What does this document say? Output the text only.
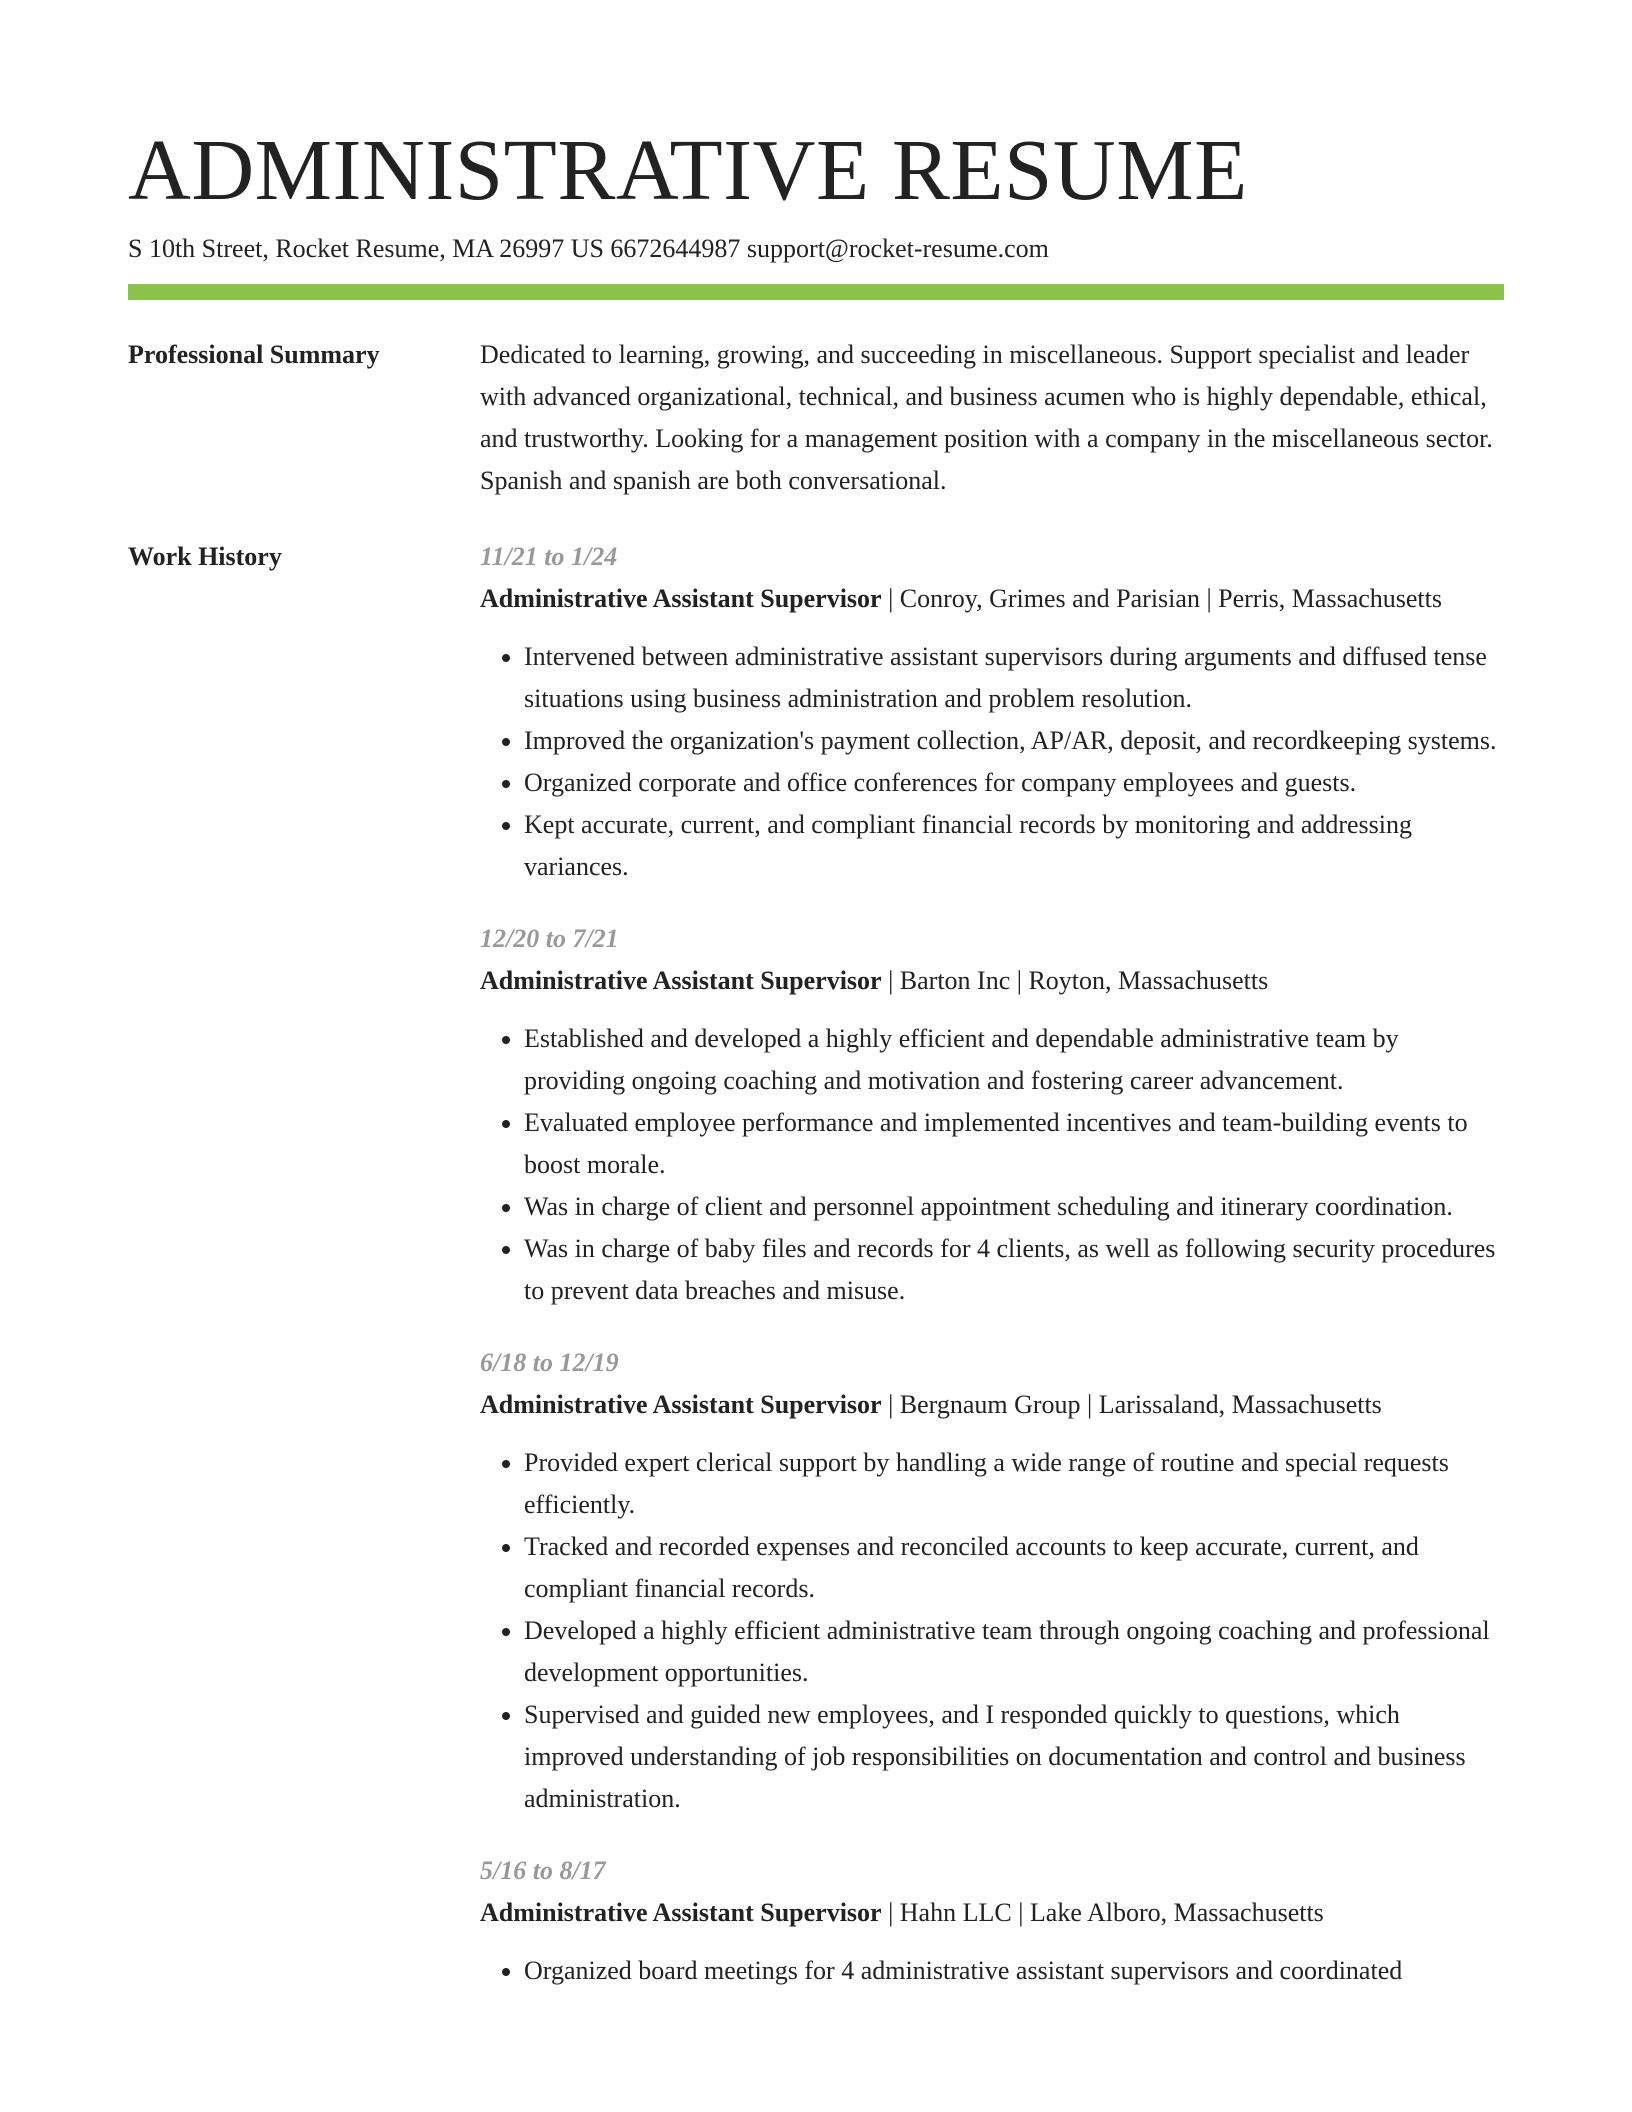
ADMINISTRATIVE RESUME
S 10th Street, Rocket Resume, MA 26997 US 6672644987 support@rocket-resume.com
Professional Summary	Dedicated to learning, growing, and succeeding in miscellaneous. Support specialist and leader with advanced organizational, technical, and business acumen who is highly dependable, ethical, and trustworthy. Looking for a management position with a company in the miscellaneous sector. Spanish and spanish are both conversational.
Work History	11/21 to 1/24
Administrative Assistant Supervisor | Conroy, Grimes and Parisian | Perris, Massachusetts
• Intervened between administrative assistant supervisors during arguments and diffused tense situations using business administration and problem resolution.
• Improved the organization's payment collection, AP/AR, deposit, and recordkeeping systems.
• Organized corporate and office conferences for company employees and guests.
• Kept accurate, current, and compliant financial records by monitoring and addressing variances.
12/20 to 7/21
Administrative Assistant Supervisor | Barton Inc | Royton, Massachusetts
• Established and developed a highly efficient and dependable administrative team by providing ongoing coaching and motivation and fostering career advancement.
• Evaluated employee performance and implemented incentives and team-building events to boost morale.
• Was in charge of client and personnel appointment scheduling and itinerary coordination.
• Was in charge of baby files and records for 4 clients, as well as following security procedures to prevent data breaches and misuse.
6/18 to 12/19
Administrative Assistant Supervisor | Bergnaum Group | Larissaland, Massachusetts
• Provided expert clerical support by handling a wide range of routine and special requests efficiently.
• Tracked and recorded expenses and reconciled accounts to keep accurate, current, and compliant financial records.
• Developed a highly efficient administrative team through ongoing coaching and professional development opportunities.
• Supervised and guided new employees, and I responded quickly to questions, which improved understanding of job responsibilities on documentation and control and business administration.
5/16 to 8/17
Administrative Assistant Supervisor | Hahn LLC | Lake Alboro, Massachusetts
• Organized board meetings for 4 administrative assistant supervisors and coordinated
